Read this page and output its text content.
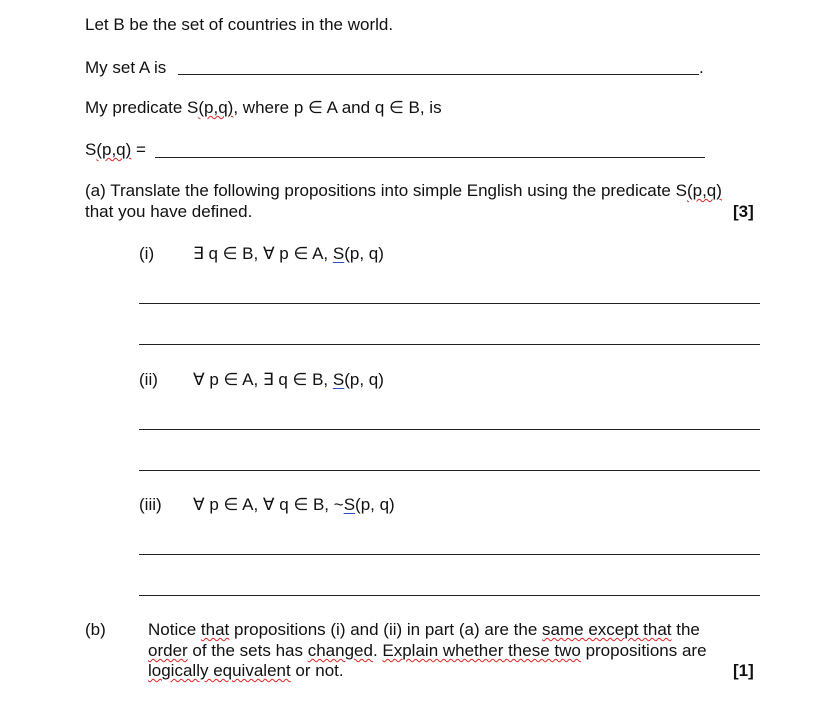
Let B be the set of countries in the world.
My set A is	.
My predicate S(p,q), where p ∈ A and q ∈ B, is
S(p,q) =
(a) Translate the following propositions into simple English using the predicate S(p,q)
that you have defined.	[3]
(i) ∃ q ∈ B, ∀ p ∈ A, S(p, q)
(ii) ∀ p ∈ A, ∃ q ∈ B, S(p, q)
(iii) ∀ p ∈ A, ∀ q ∈ B, ~S(p, q)
(b) Notice that propositions (i) and (ii) in part (a) are the same except that the
order of the sets has changed. Explain whether these two propositions are
logically equivalent or not.	[1]
